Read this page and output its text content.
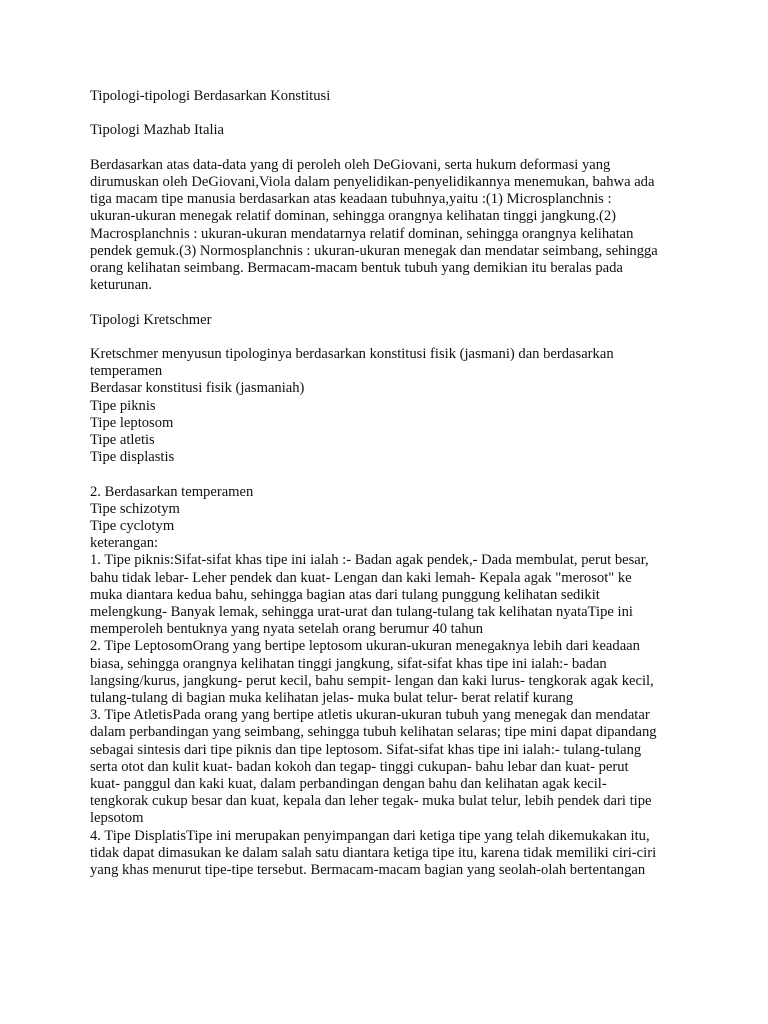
Tipologi-tipologi Berdasarkan Konstitusi
Tipologi Mazhab Italia
Berdasarkan atas data-data yang di peroleh oleh DeGiovani, serta hukum deformasi yang
dirumuskan oleh DeGiovani,Viola dalam penyelidikan-penyelidikannya menemukan, bahwa ada
tiga macam tipe manusia berdasarkan atas keadaan tubuhnya,yaitu :(1) Microsplanchnis :
ukuran-ukuran menegak relatif dominan, sehingga orangnya kelihatan tinggi jangkung.(2)
Macrosplanchnis : ukuran-ukuran mendatarnya relatif dominan, sehingga orangnya kelihatan
pendek gemuk.(3) Normosplanchnis : ukuran-ukuran menegak dan mendatar seimbang, sehingga
orang kelihatan seimbang. Bermacam-macam bentuk tubuh yang demikian itu beralas pada
keturunan.
Tipologi Kretschmer
Kretschmer menyusun tipologinya berdasarkan konstitusi fisik (jasmani) dan berdasarkan
temperamen
Berdasar konstitusi fisik (jasmaniah)
Tipe piknis
Tipe leptosom
Tipe atletis
Tipe displastis
2. Berdasarkan temperamen
Tipe schizotym
Tipe cyclotym
keterangan:
1. Tipe piknis:Sifat-sifat khas tipe ini ialah :- Badan agak pendek,- Dada membulat, perut besar,
bahu tidak lebar- Leher pendek dan kuat- Lengan dan kaki lemah- Kepala agak "merosot" ke
muka diantara kedua bahu, sehingga bagian atas dari tulang punggung kelihatan sedikit
melengkung- Banyak lemak, sehingga urat-urat dan tulang-tulang tak kelihatan nyataTipe ini
memperoleh bentuknya yang nyata setelah orang berumur 40 tahun
2. Tipe LeptosomOrang yang bertipe leptosom ukuran-ukuran menegaknya lebih dari keadaan
biasa, sehingga orangnya kelihatan tinggi jangkung, sifat-sifat khas tipe ini ialah:- badan
langsing/kurus, jangkung- perut kecil, bahu sempit- lengan dan kaki lurus- tengkorak agak kecil,
tulang-tulang di bagian muka kelihatan jelas- muka bulat telur- berat relatif kurang
3. Tipe AtletisPada orang yang bertipe atletis ukuran-ukuran tubuh yang menegak dan mendatar
dalam perbandingan yang seimbang, sehingga tubuh kelihatan selaras; tipe mini dapat dipandang
sebagai sintesis dari tipe piknis dan tipe leptosom. Sifat-sifat khas tipe ini ialah:- tulang-tulang
serta otot dan kulit kuat- badan kokoh dan tegap- tinggi cukupan- bahu lebar dan kuat- perut
kuat- panggul dan kaki kuat, dalam perbandingan dengan bahu dan kelihatan agak kecil-
tengkorak cukup besar dan kuat, kepala dan leher tegak- muka bulat telur, lebih pendek dari tipe
lepsotom
4. Tipe DisplatisTipe ini merupakan penyimpangan dari ketiga tipe yang telah dikemukakan itu,
tidak dapat dimasukan ke dalam salah satu diantara ketiga tipe itu, karena tidak memiliki ciri-ciri
yang khas menurut tipe-tipe tersebut. Bermacam-macam bagian yang seolah-olah bertentangan
